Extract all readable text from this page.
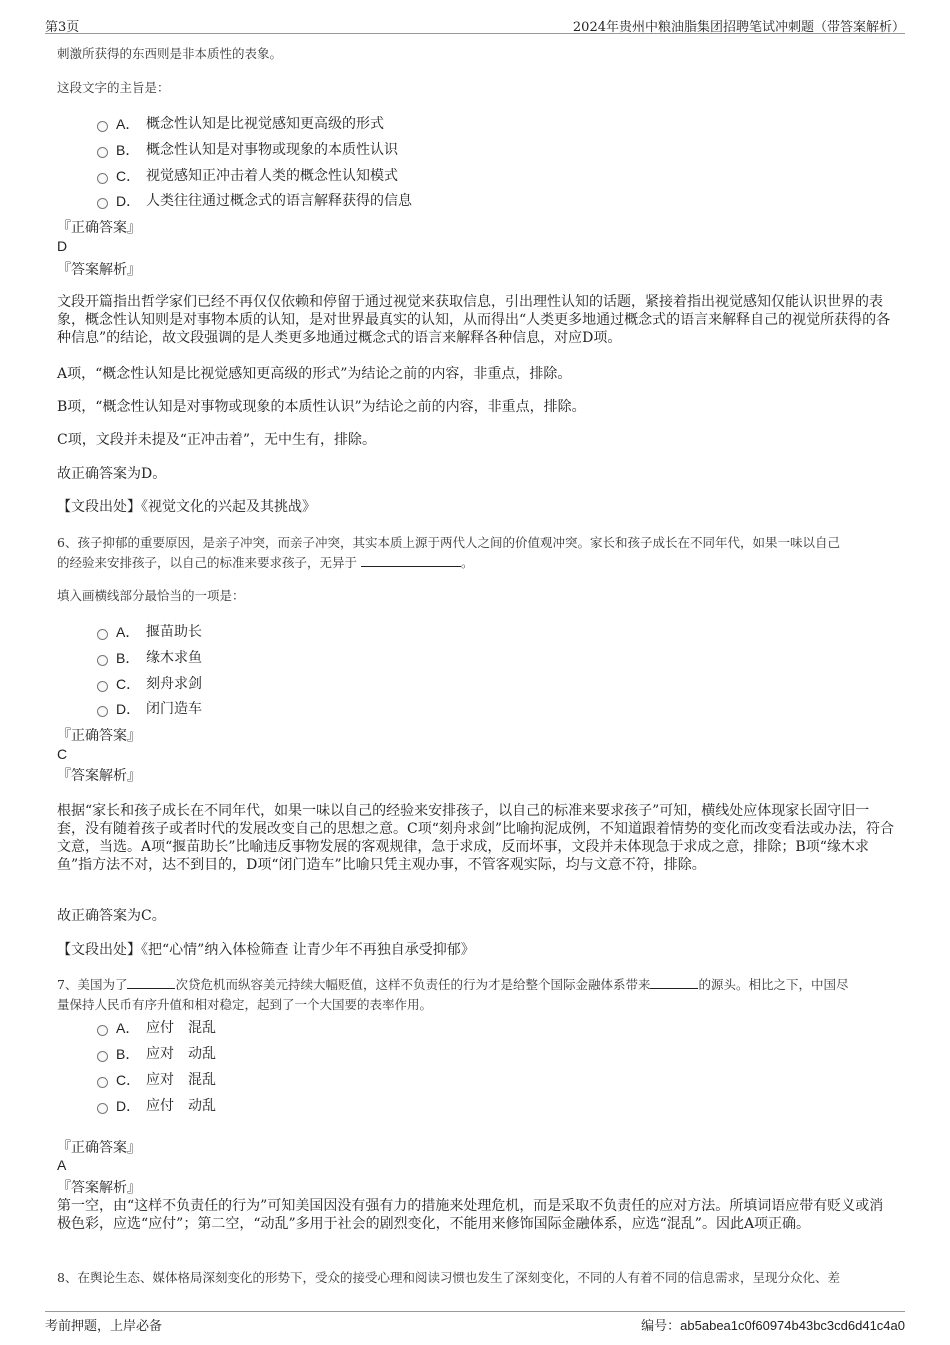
第3页	2024年贵州中粮油脂集团招聘笔试冲刺题（带答案解析）
刺激所获得的东西则是非本质性的表象。
这段文字的主旨是：
A． 概念性认知是比视觉感知更高级的形式
B． 概念性认知是对事物或现象的本质性认识
C． 视觉感知正冲击着人类的概念性认知模式
D． 人类往往通过概念式的语言解释获得的信息
『正确答案』
D
『答案解析』
文段开篇指出哲学家们已经不再仅仅依赖和停留于通过视觉来获取信息，引出理性认知的话题，紧接着指出视觉感知仅能认识世界的表象，概念性认知则是对事物本质的认知，是对世界最真实的认知，从而得出“人类更多地通过概念式的语言来解释自己的视觉所获得的各种信息”的结论，故文段强调的是人类更多地通过概念式的语言来解释各种信息，对应D项。
A项，“概念性认知是比视觉感知更高级的形式”为结论之前的内容，非重点，排除。
B项，“概念性认知是对事物或现象的本质性认识”为结论之前的内容，非重点，排除。
C项，文段并未提及“正冲击着”，无中生有，排除。
故正确答案为D。
【文段出处】《视觉文化的兴起及其挑战》
6、孩子抑郁的重要原因，是亲子冲突，而亲子冲突，其实本质上源于两代人之间的价值观冲突。家长和孩子成长在不同年代，如果一味以自己
的经验来安排孩子，以自己的标准来要求孩子，无异于	。
填入画横线部分最恰当的一项是：
A． 揠苗助长
B． 缘木求鱼
C． 刻舟求剑
D． 闭门造车
『正确答案』
C
『答案解析』
根据“家长和孩子成长在不同年代，如果一味以自己的经验来安排孩子，以自己的标准来要求孩子”可知，横线处应体现家长固守旧一套，没有随着孩子或者时代的发展改变自己的思想之意。C项“刻舟求剑”比喻拘泥成例，不知道跟着情势的变化而改变看法或办法，符合文意，当选。A项“揠苗助长”比喻违反事物发展的客观规律，急于求成，反而坏事，文段并未体现急于求成之意，排除；B项“缘木求鱼”指方法不对，达不到目的，D项“闭门造车”比喻只凭主观办事，不管客观实际，均与文意不符，排除。
故正确答案为C。
【文段出处】《把“心情”纳入体检筛查 让青少年不再独自承受抑郁》
7、美国为了	次贷危机而纵容美元持续大幅贬值，这样不负责任的行为才是给整个国际金融体系带来	的源头。相比之下，中国尽
量保持人民币有序升值和相对稳定，起到了一个大国要的表率作用。
A． 应付 混乱
B． 应对 动乱
C． 应对 混乱
D． 应付 动乱
『正确答案』
A
『答案解析』
第一空，由“这样不负责任的行为”可知美国因没有强有力的措施来处理危机，而是采取不负责任的应对方法。所填词语应带有贬义或消极色彩，应选“应付”；第二空，“动乱”多用于社会的剧烈变化，不能用来修饰国际金融体系，应选“混乱”。因此A项正确。
8、在舆论生态、媒体格局深刻变化的形势下，受众的接受心理和阅读习惯也发生了深刻变化，不同的人有着不同的信息需求，呈现分众化、差
考前押题，上岸必备	编号：ab5abea1c0f60974b43bc3cd6d41c4a0
